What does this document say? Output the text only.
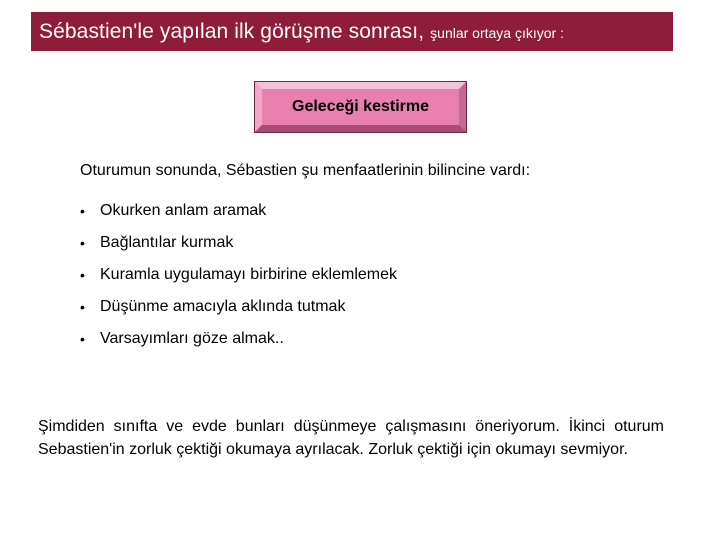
Sébastien'le yapılan ilk görüşme sonrası, şunlar ortaya çıkıyor :
Geleceği kestirme
Oturumun sonunda, Sébastien şu menfaatlerinin bilincine vardı:
• Okurken anlam aramak
• Bağlantılar kurmak
• Kuramla uygulamayı birbirine eklemlemek
• Düşünme amacıyla aklında tutmak
• Varsayımları göze almak..
Şimdiden sınıfta ve evde bunları düşünmeye çalışmasını öneriyorum. İkinci oturum Sebastien'in zorluk çektiği okumaya ayrılacak. Zorluk çektiği için okumayı sevmiyor.
